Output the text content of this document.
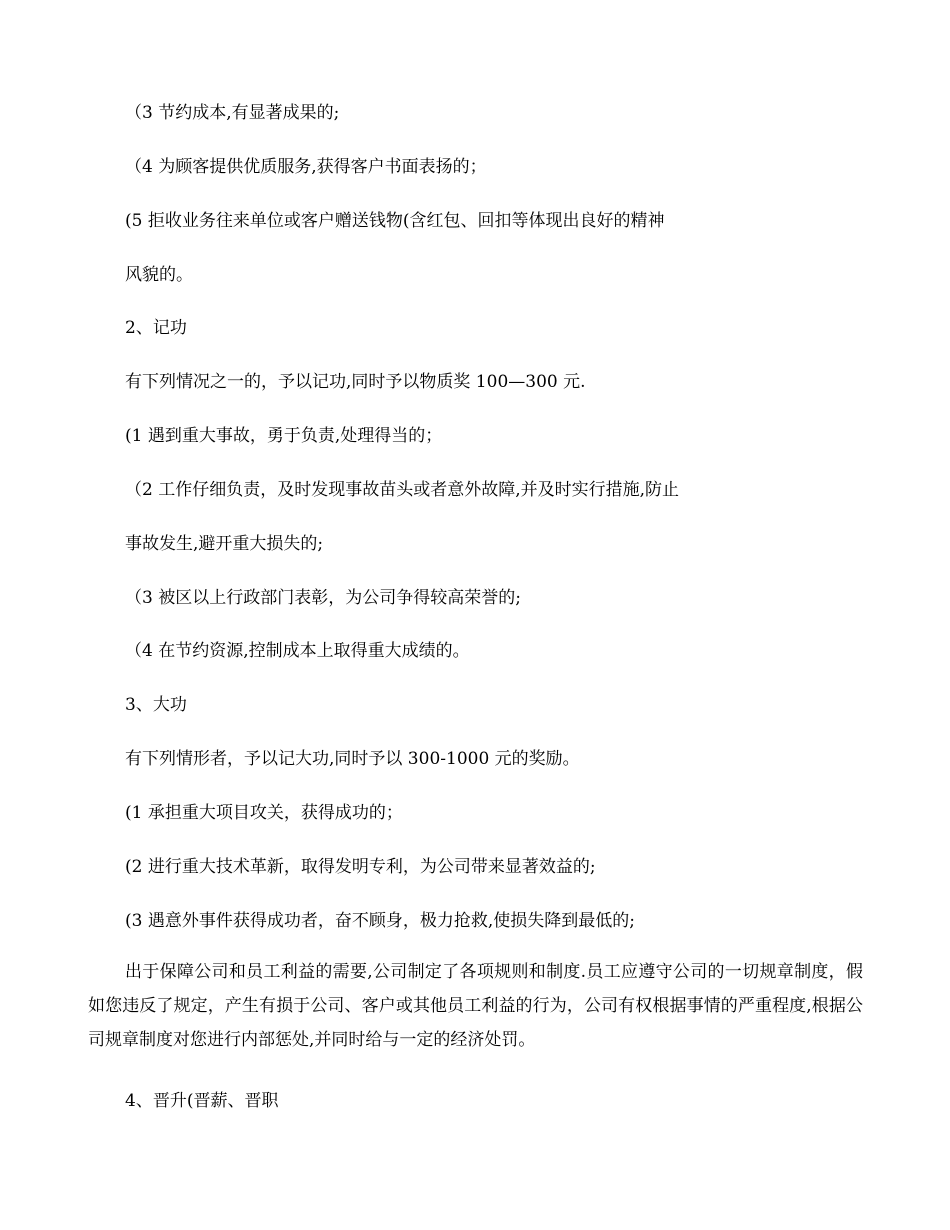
（3 节约成本,有显著成果的;
（4 为顾客提供优质服务,获得客户书面表扬的；
(5 拒收业务往来单位或客户赠送钱物(含红包、回扣等体现出良好的精神
风貌的。
2、记功
有下列情况之一的，予以记功,同时予以物质奖 100—300 元.
(1 遇到重大事故，勇于负责,处理得当的；
（2 工作仔细负责，及时发现事故苗头或者意外故障,并及时实行措施,防止
事故发生,避开重大损失的;
（3 被区以上行政部门表彰，为公司争得较高荣誉的;
（4 在节约资源,控制成本上取得重大成绩的。
3、大功
有下列情形者，予以记大功,同时予以 300-1000 元的奖励。
(1 承担重大项目攻关，获得成功的；
(2 进行重大技术革新，取得发明专利，为公司带来显著效益的;
(3 遇意外事件获得成功者，奋不顾身，极力抢救,使损失降到最低的;
出于保障公司和员工利益的需要,公司制定了各项规则和制度.员工应遵守公司的一切规章制度，假如您违反了规定，产生有损于公司、客户或其他员工利益的行为，公司有权根据事情的严重程度,根据公司规章制度对您进行内部惩处,并同时给与一定的经济处罚。
4、晋升(晋薪、晋职
